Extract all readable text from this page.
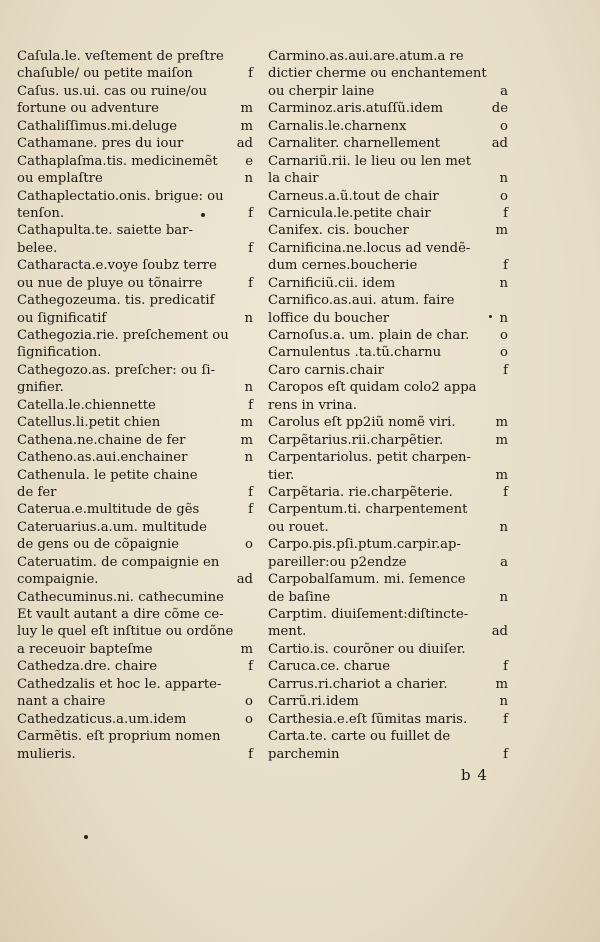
Caſula.le. veſtement de preſtre
chaſuble/ ou petite maiſon	f
Caſus. us.ui. cas ou ruine/ou
fortune ou adventure	m
Cathaliſſimus.mi.deluge	m
Cathamane. pres du iour	ad
Cathaplaſma.tis. medicinemẽt e
ou emplaſtre	n
Cathaplectatio.onis. brigue: ou
tenſon.	f
Cathapulta.te. saiette bar-
belee.	f
Catharacta.e.voye ſoubz terre
ou nue de pluye ou tõnairre	f
Cathegozeuma. tis. predicatif
ou ſignificatif	n
Cathegozia.rie. preſchement ou
ſignification.
Cathegozo.as. preſcher: ou ſi-
gnifier.	n
Catella.le.chiennette	f
Catellus.li.petit chien	m
Cathena.ne.chaine de fer	m
Catheno.as.aui.enchainer	n
Cathenula. le petite chaine
de fer	f
Caterua.e.multitude de gẽs	f
Cateruarius.a.um. multitude
de gens ou de cõpaignie	o
Cateruatim. de compaignie en
compaignie.	ad
Cathecuminus.ni. cathecumine
Et vault autant a dire cõme ce-
luy le quel eſt inſtitue ou ordõne
a receuoir bapteſme	m
Cathedza.dre. chaire	f
Cathedzalis et hoc le. apparte-
nant a chaire	o
Cathedzaticus.a.um.idem	o
Carmẽtis. eſt proprium nomen
mulieris.	f
Carmino.as.aui.are.atum.a re
dictier cherme ou enchantement
ou cherpir laine	a
Carminoz.aris.atuſſũ.idem	de
Carnalis.le.charnenx	o
Carnaliter. charnellement	ad
Carnariũ.rii. le lieu ou len met
la chair	n
Carneus.a.ũ.tout de chair	o
Carnicula.le.petite chair	f
Canifex. cis. boucher	m
Carnificina.ne.locus ad vendẽ-
dum cernes.boucherie	f
Carnificiũ.cii. idem	n
Carnifico.as.aui. atum. faire
loffice du boucher	n
Carnoſus.a. um. plain de char. o
Carnulentus .ta.tũ.charnu	o
Caro carnis.chair	f
Caropos eſt quidam colo2 appa
rens in vrina.
Carolus eſt pp2iũ nomẽ viri.	m
Carpẽtarius.rii.charpẽtier.	m
Carpentariolus. petit charpen-
tier.	m
Carpẽtaria. rie.charpẽterie.	f
Carpentum.ti. charpentement
ou rouet.	n
Carpo.pis.pſi.ptum.carpir.ap-
pareiller:ou p2endze	a
Carpobalſamum. mi. ſemence
de baſine	n
Carptim. diuiſement:diſtincte-
ment.	ad
Cartio.is. courõner ou diuiſer.
Caruca.ce. charue	f
Carrus.ri.chariot a charier.	m
Carrũ.ri.idem	n
Carthesia.e.eſt ſũmitas maris.	f
Carta.te. carte ou fuillet de
parchemin	f
b 4
